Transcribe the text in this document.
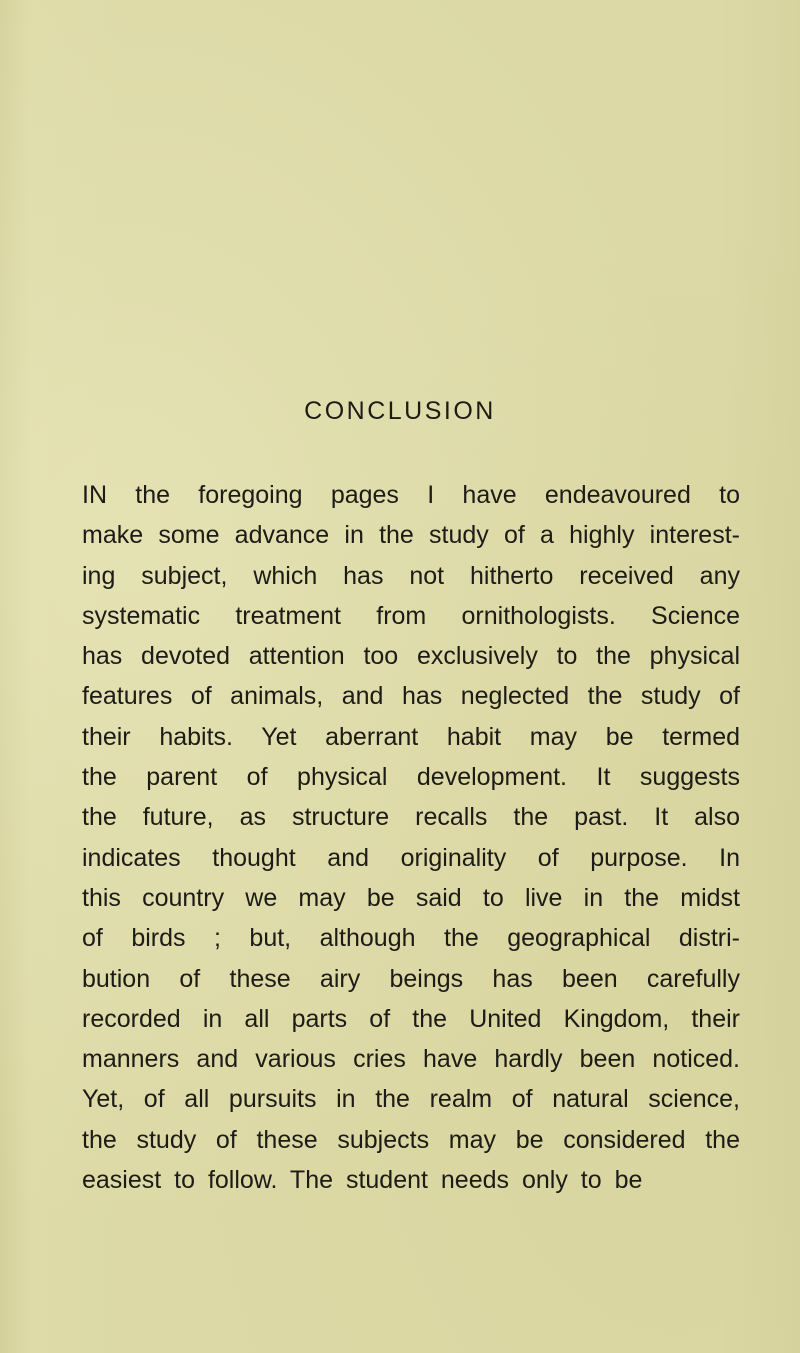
CONCLUSION
IN the foregoing pages I have endeavoured to
make some advance in the study of a highly interest-
ing subject, which has not hitherto received any
systematic treatment from ornithologists. Science
has devoted attention too exclusively to the physical
features of animals, and has neglected the study of
their habits. Yet aberrant habit may be termed
the parent of physical development. It suggests
the future, as structure recalls the past. It also
indicates thought and originality of purpose. In
this country we may be said to live in the midst
of birds ; but, although the geographical distri-
bution of these airy beings has been carefully
recorded in all parts of the United Kingdom, their
manners and various cries have hardly been noticed.
Yet, of all pursuits in the realm of natural science,
the study of these subjects may be considered the
easiest to follow. The student needs only to be
